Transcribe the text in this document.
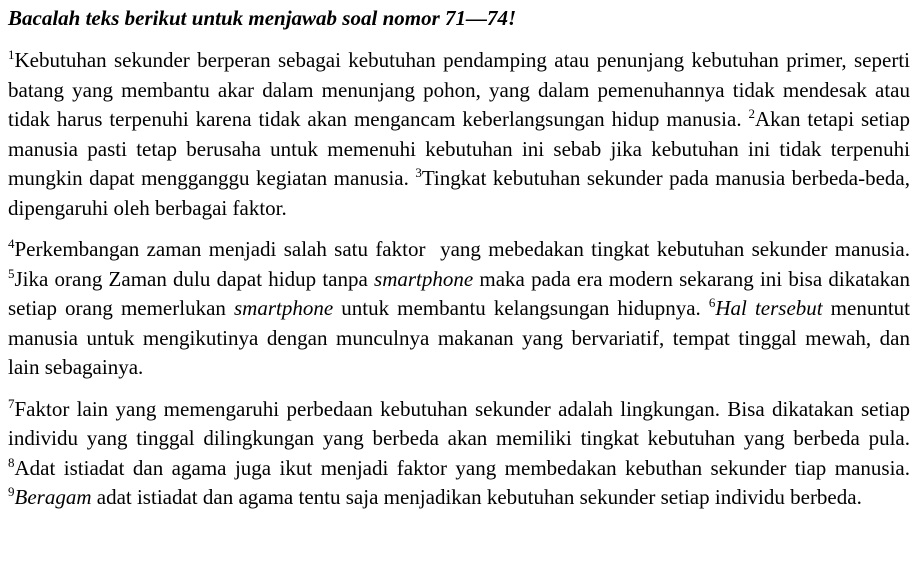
Bacalah teks berikut untuk menjawab soal nomor 71—74!

$^1$Kebutuhan sekunder berperan sebagai kebutuhan pendamping atau penunjang kebutuhan primer, seperti batang yang membantu akar dalam menunjang pohon, yang dalam pemenuhannya tidak mendesak atau tidak harus terpenuhi karena tidak akan mengancam keberlangsungan hidup manusia. $^2$Akan tetapi setiap manusia pasti tetap berusaha untuk memenuhi kebutuhan ini sebab jika kebutuhan ini tidak terpenuhi mungkin dapat mengganggu kegiatan manusia. $^3$Tingkat kebutuhan sekunder pada manusia berbeda-beda, dipengaruhi oleh berbagai faktor.

$^4$Perkembangan zaman menjadi salah satu faktor  yang mebedakan tingkat kebutuhan sekunder manusia. $^5$Jika orang Zaman dulu dapat hidup tanpa smartphone maka pada era modern sekarang ini bisa dikatakan setiap orang memerlukan smartphone untuk membantu kelangsungan hidupnya. $^6$Hal tersebut menuntut manusia untuk mengikutinya dengan munculnya makanan yang bervariatif, tempat tinggal mewah, dan lain sebagainya.

$^7$Faktor lain yang memengaruhi perbedaan kebutuhan sekunder adalah lingkungan. Bisa dikatakan setiap individu yang tinggal dilingkungan yang berbeda akan memiliki tingkat kebutuhan yang berbeda pula. $^8$Adat istiadat dan agama juga ikut menjadi faktor yang membedakan kebuthan sekunder tiap manusia. $^9$Beragam adat istiadat dan agama tentu saja menjadikan kebutuhan sekunder setiap individu berbeda.
